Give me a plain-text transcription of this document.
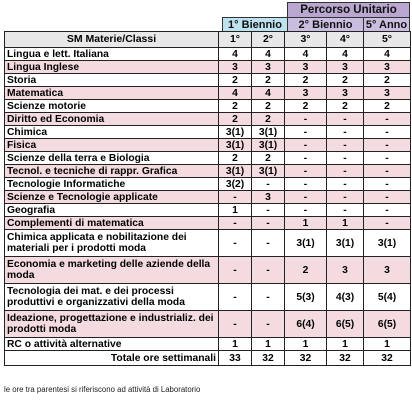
Percorso Unitario
1° Biennio	2° Biennio	5° Anno
SM Materie/Classi	1°	2°	3°	4°	5°
Lingua e lett. Italiana	4	4	4	4	4
Lingua Inglese	3	3	3	3	3
Storia	2	2	2	2	2
Matematica	4	4	3	3	3
Scienze motorie	2	2	2	2	2
Diritto ed Economia	2	2	-	-	-
Chimica	3(1)	3(1)	-	-	-
Fisica	3(1)	3(1)	-	-	-
Scienze della terra e Biologia	2	2	-	-	-
Tecnol. e tecniche di rappr. Grafica	3(1)	3(1)	-	-	-
Tecnologie Informatiche	3(2)	-	-	-	-
Scienze e Tecnologie applicate	-	3	-	-	-
Geografia	1	-	-	-	-
Complementi di matematica	-	-	1	1	-
Chimica applicata e nobilitazione dei materiali per i prodotti moda	-	-	3(1)	3(1)	3(1)
Economia e marketing delle aziende della moda	-	-	2	3	3
Tecnologia dei mat. e dei processi produttivi e organizzativi della moda	-	-	5(3)	4(3)	5(4)
Ideazione, progettazione e industrializ. dei prodotti moda	-	-	6(4)	6(5)	6(5)
RC o attività alternative	1	1	1	1	1
Totale ore settimanali	33	32	32	32	32
le ore tra parentesi si riferiscono ad attività di Laboratorio
